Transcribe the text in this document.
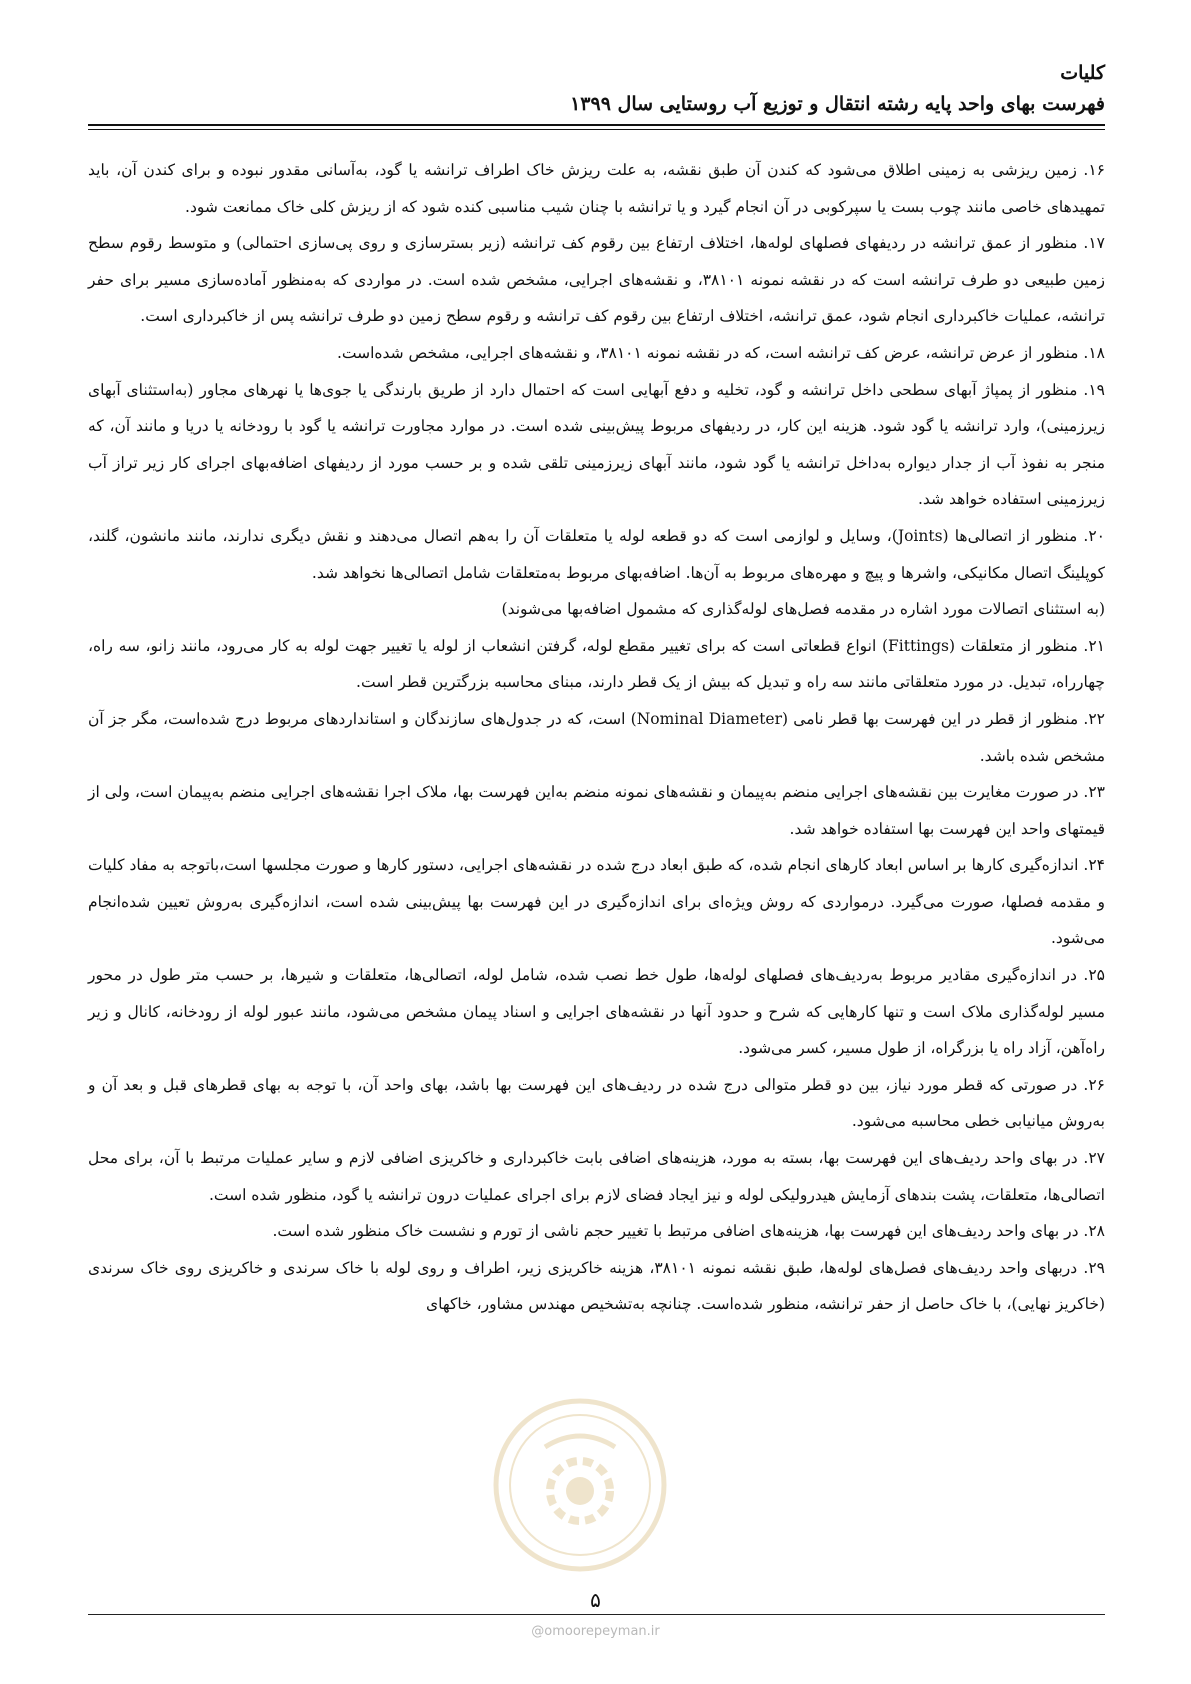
کلیات
فهرست بهای واحد پایه رشته انتقال و توزیع آب روستایی سال ۱۳۹۹

۱۶. زمین ریزشی به زمینی اطلاق می‌شود که کندن آن طبق نقشه، به علت ریزش خاک اطراف ترانشه یا گود، به‌آسانی مقدور نبوده و برای کندن آن، باید تمهیدهای خاصی مانند چوب بست یا سپرکوبی در آن انجام گیرد و یا ترانشه با چنان شیب مناسبی کنده شود که از ریزش کلی خاک ممانعت شود.

۱۷. منظور از عمق ترانشه در ردیفهای فصلهای لوله‌ها، اختلاف ارتفاع بین رقوم کف ترانشه (زیر بسترسازی و روی پی‌سازی احتمالی) و متوسط رقوم سطح زمین طبیعی دو طرف ترانشه است که در نقشه نمونه ۳۸۱۰۱، و نقشه‌های اجرایی، مشخص شده است. در مواردی که به‌منظور آماده‌سازی مسیر برای حفر ترانشه، عملیات خاکبرداری انجام شود، عمق ترانشه، اختلاف ارتفاع بین رقوم کف ترانشه و رقوم سطح زمین دو طرف ترانشه پس از خاکبرداری است.

۱۸. منظور از عرض ترانشه، عرض کف ترانشه است، که در نقشه نمونه ۳۸۱۰۱، و نقشه‌های اجرایی، مشخص شده‌است.

۱۹. منظور از پمپاژ آبهای سطحی داخل ترانشه و گود، تخلیه و دفع آبهایی است که احتمال دارد از طریق بارندگی یا جوی‌ها یا نهرهای مجاور (به‌استثنای آبهای زیرزمینی)، وارد ترانشه یا گود شود. هزینه این کار، در ردیفهای مربوط پیش‌بینی شده است. در موارد مجاورت ترانشه یا گود با رودخانه یا دریا و مانند آن، که منجر به نفوذ آب از جدار دیواره به‌داخل ترانشه یا گود شود، مانند آبهای زیرزمینی تلقی شده و بر حسب مورد از ردیفهای اضافه‌بهای اجرای کار زیر تراز آب زیرزمینی استفاده خواهد شد.

۲۰. منظور از اتصالی‌ها (Joints)، وسایل و لوازمی است که دو قطعه لوله یا متعلقات آن را به‌هم اتصال می‌دهند و نقش دیگری ندارند، مانند مانشون، گلند، کوپلینگ اتصال مکانیکی، واشرها و پیچ و مهره‌های مربوط به آن‌ها. اضافه‌بهای مربوط به‌متعلقات شامل اتصالی‌ها نخواهد شد.

(به استثنای اتصالات مورد اشاره در مقدمه فصل‌های لوله‌گذاری که مشمول اضافه‌بها می‌شوند)

۲۱. منظور از متعلقات (Fittings) انواع قطعاتی است که برای تغییر مقطع لوله، گرفتن انشعاب از لوله یا تغییر جهت لوله به کار می‌رود، مانند زانو، سه راه، چهارراه، تبدیل. در مورد متعلقاتی مانند سه راه و تبدیل که بیش از یک قطر دارند، مبنای محاسبه بزرگترین قطر است.

۲۲. منظور از قطر در این فهرست بها قطر نامی (Nominal Diameter) است، که در جدول‌های سازندگان و استانداردهای مربوط درج شده‌است، مگر جز آن مشخص شده باشد.

۲۳. در صورت مغایرت بین نقشه‌های اجرایی منضم به‌پیمان و نقشه‌های نمونه منضم به‌این فهرست بها، ملاک اجرا نقشه‌های اجرایی منضم به‌پیمان است، ولی از قیمتهای واحد این فهرست بها استفاده خواهد شد.

۲۴. اندازه‌گیری کارها بر اساس ابعاد کارهای انجام شده، که طبق ابعاد درج شده در نقشه‌های اجرایی، دستور کارها و صورت مجلسها است،باتوجه به مفاد کلیات و مقدمه فصلها، صورت می‌گیرد. درمواردی که روش ویژه‌ای برای اندازه‌گیری در این فهرست بها پیش‌بینی شده است، اندازه‌گیری به‌روش تعیین شده‌انجام می‌شود.

۲۵. در اندازه‌گیری مقادیر مربوط به‌ردیف‌های فصلهای لوله‌ها، طول خط نصب شده، شامل لوله، اتصالی‌ها، متعلقات و شیرها، بر حسب متر طول در محور مسیر لوله‌گذاری ملاک است و تنها کارهایی که شرح و حدود آنها در نقشه‌های اجرایی و اسناد پیمان مشخص می‌شود، مانند عبور لوله از رودخانه، کانال و زیر راه‌آهن، آزاد راه یا بزرگراه، از طول مسیر، کسر می‌شود.

۲۶. در صورتی که قطر مورد نیاز، بین دو قطر متوالی درج شده در ردیف‌های این فهرست بها باشد، بهای واحد آن، با توجه به بهای قطرهای قبل و بعد آن و به‌روش میانیابی خطی محاسبه می‌شود.

۲۷. در بهای واحد ردیف‌های این فهرست بها، بسته به مورد، هزینه‌های اضافی بابت خاکبرداری و خاکریزی اضافی لازم و سایر عملیات مرتبط با آن، برای محل اتصالی‌ها، متعلقات، پشت بندهای آزمایش هیدرولیکی لوله و نیز ایجاد فضای لازم برای اجرای عملیات درون ترانشه یا گود، منظور شده است.

۲۸. در بهای واحد ردیف‌های این فهرست بها، هزینه‌های اضافی مرتبط با تغییر حجم ناشی از تورم و نشست خاک منظور شده است.

۲۹. دربهای واحد ردیف‌های فصل‌های لوله‌ها، طبق نقشه نمونه ۳۸۱۰۱، هزینه خاکریزی زیر، اطراف و روی لوله با خاک سرندی و خاکریزی روی خاک سرندی (خاکریز نهایی)، با خاک حاصل از حفر ترانشه، منظور شده‌است. چنانچه به‌تشخیص مهندس مشاور، خاکهای

۵
@omoorepeyman.ir
